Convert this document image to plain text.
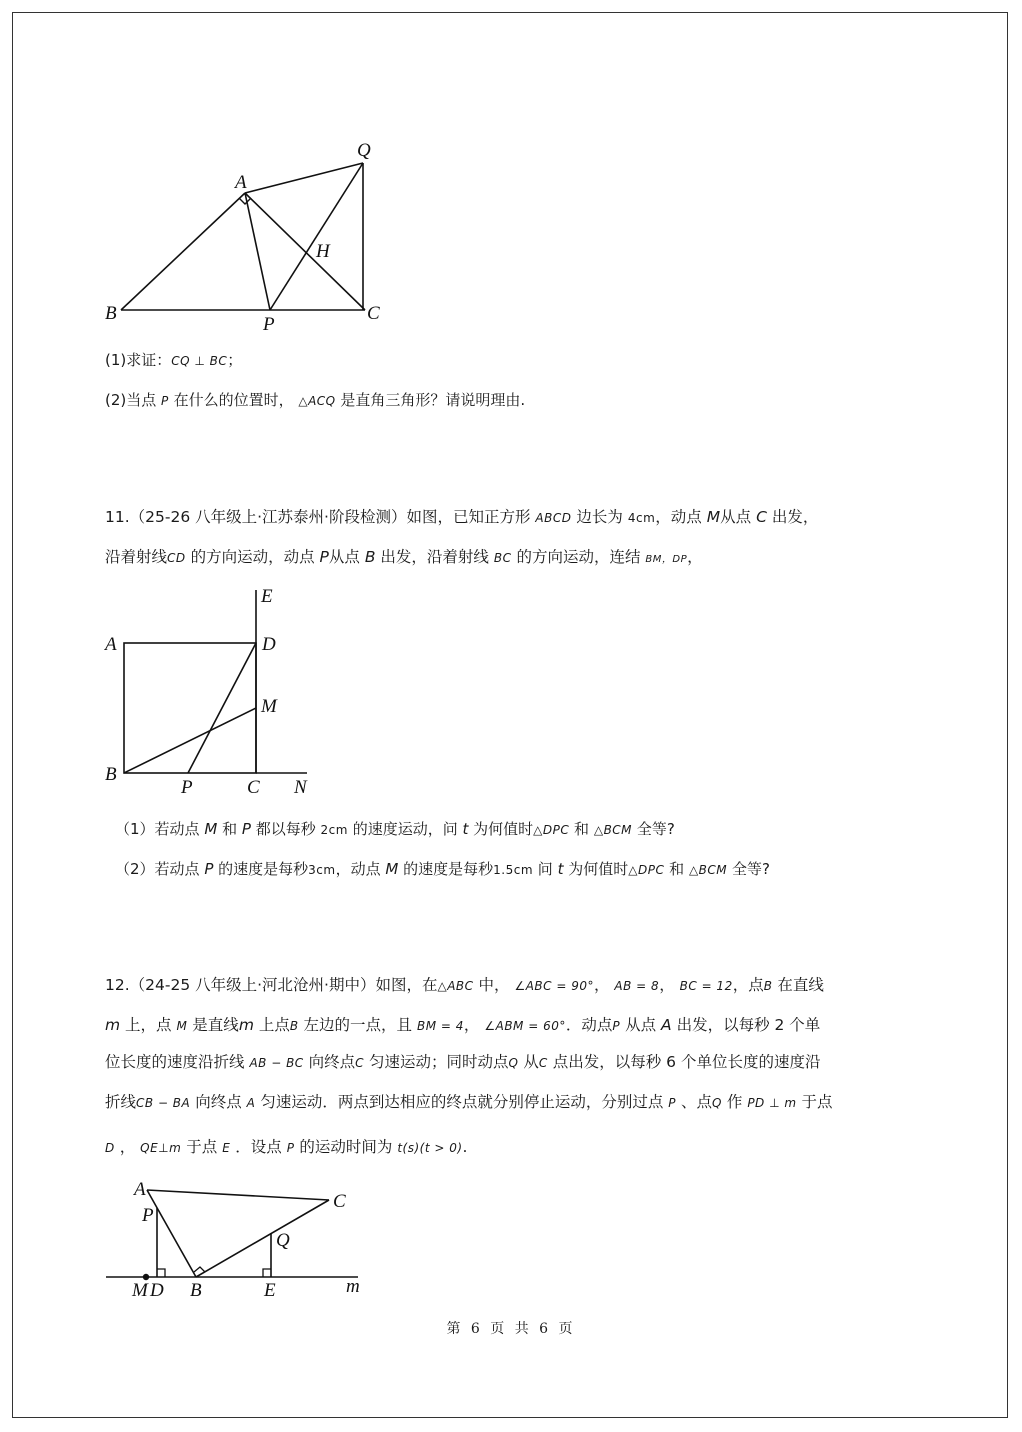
A
Q
H
B
P
C
(1)求证：CQ ⊥ BC；
(2)当点 P 在什么的位置时， △ACQ 是直角三角形？请说明理由.
11.（25-26 八年级上·江苏泰州·阶段检测）如图，已知正方形 ABCD 边长为 4cm，动点 M从点 C 出发，
沿着射线CD 的方向运动，动点 P从点 B 出发，沿着射线 BC 的方向运动，连结 BM，DP，
E
A	D
M
B
P	C N
（1）若动点 M 和 P 都以每秒 2cm 的速度运动，问 t 为何值时△DPC 和 △BCM 全等?
（2）若动点 P 的速度是每秒3cm，动点 M 的速度是每秒1.5cm 问 t 为何值时△DPC 和 △BCM 全等?
12.（24-25 八年级上·河北沧州·期中）如图，在△ABC 中， ∠ABC = 90°， AB = 8， BC = 12，点B 在直线
m 上，点 M 是直线m 上点B 左边的一点，且 BM = 4， ∠ABM = 60°．动点P 从点 A 出发，以每秒 2 个单
位长度的速度沿折线 AB − BC 向终点C 匀速运动；同时动点Q 从C 点出发，以每秒 6 个单位长度的速度沿
折线CB − BA 向终点 A 匀速运动．两点到达相应的终点就分别停止运动，分别过点 P 、点Q 作 PD ⊥ m 于点
D ， QE⊥m 于点 E ．设点 P 的运动时间为 t(s)(t > 0).
A
C
P
Q
M D B	E	m
第 6 页 共 6 页
